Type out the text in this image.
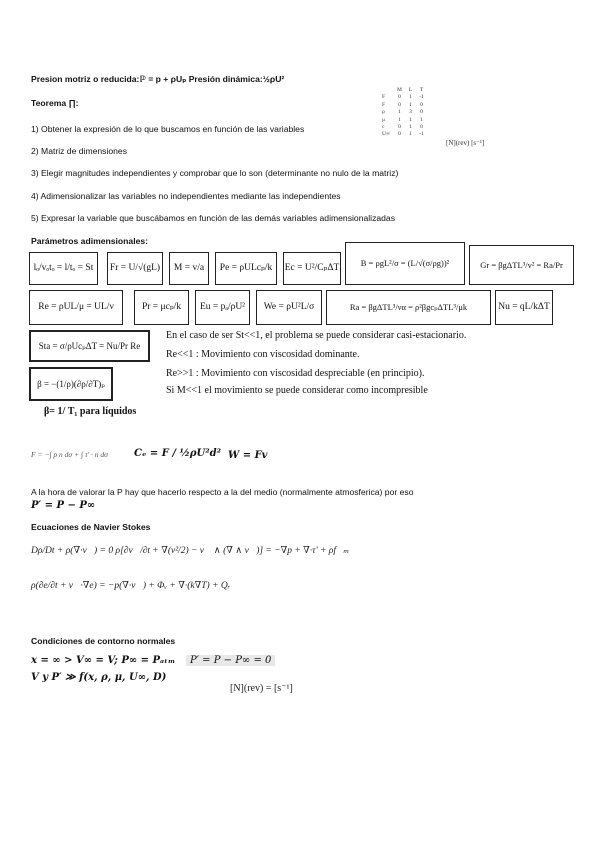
Presion motriz o reducida:ℙ = p + ρUₚ Presión dinámica:½ρU²
Teorema ∏:
1) Obtener la expresión de lo que buscamos en función de las variables
2) Matriz de dimensiones
3) Elegir magnitudes independientes y comprobar que lo son (determinante no nulo de la matriz)
4) Adimensionalizar las variables no independientes mediante las independientes
5) Expresar la variable que buscábamos en función de las demás variables adimensionalizadas
M	L	T
F	0	1	-1
F	0	1	0
ρ	1	3	0
μ	1	1	1
c	0	1	0
U∞	0	1	-1
[N](rev) [s⁻¹]
Parámetros adimensionales:
lₒ/vₒtₒ = l/tₒ = St	Fr = U/√(gL)	M = v/a	Pe = ρULcₚ/k	Ec = U²/CₚΔT	B = ρgL²/σ = (L/√(σ/ρg))²	Gr = βgΔTL³/v² = Ra/Pr
Re = ρUL/μ = UL/ν	Pr = μcₚ/k	Eu = pₐ/ρU²	We = ρU²L/σ	Ra = βgΔTL³/να = ρ²βgcₚΔTL³/μk	Nu = qL/kΔT
Sta = σ/ρUcₚΔT = Nu/Pr Re
β = −(1/ρ)(∂ρ/∂T)ₚ
En el caso de ser St<<1, el problema se puede considerar casi-estacionario.
Re<<1 : Movimiento con viscosidad dominante.
Re>>1 : Movimiento con viscosidad despreciable (en principio).
Si M<<1 el movimiento se puede considerar como incompresible
β= 1/ T₁ para líquidos
F = −∫ p n dσ + ∫ τ' · n dσ	Cₑ = F / ½ρU²d² W = Fv
A la hora de valorar la P hay que hacerlo respecto a la del medio (normalmente atmosferica) por eso
P′ = P − P∞
Ecuaciones de Navier Stokes
Dρ/Dt + ρ(∇·v⃗) = 0 ρ[∂v⃗/∂t + ∇(v²/2) − v⃗ ∧ (∇ ∧ v⃗)] = −∇p + ∇·τ' + ρf⃗ₘ
ρ(∂e/∂t + v⃗·∇e) = −p(∇·v⃗) + Φᵥ + ∇·(k∇T) + Qᵣ
Condiciones de contorno normales
x = ∞ > V∞ = V; P∞ = Pₐₜₘ	P′ = P − P∞ = 0
V y P′ ≫ f(x, ρ, μ, U∞, D)
[N](rev) = [s⁻¹]
